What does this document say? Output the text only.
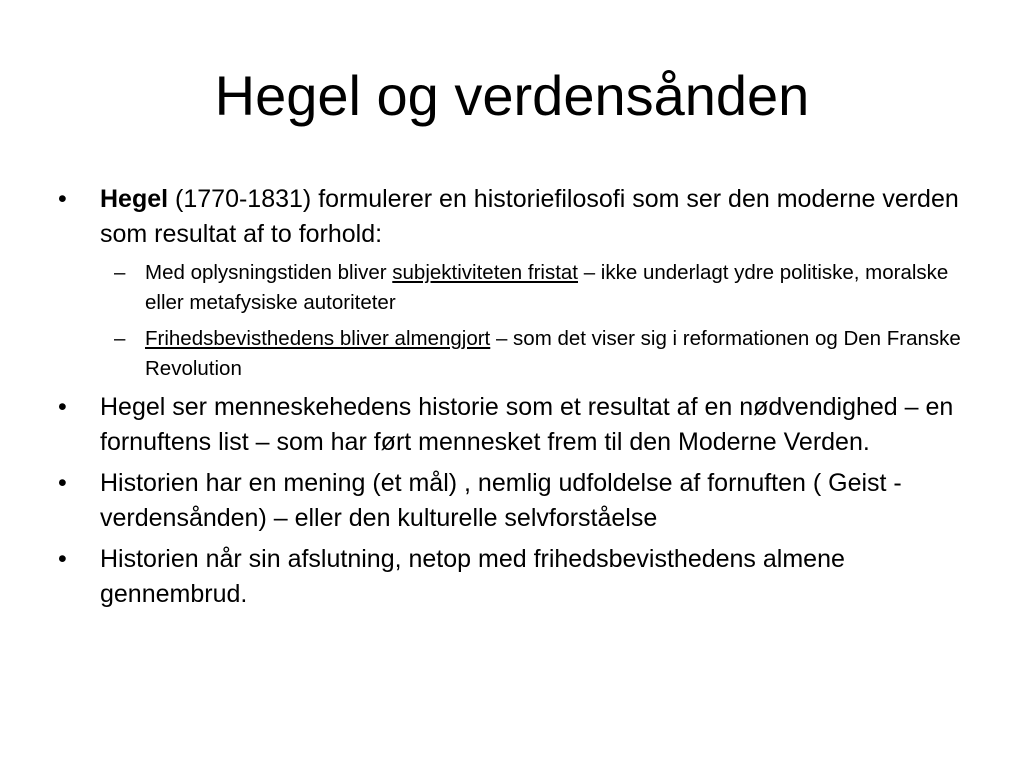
Hegel og verdensånden
• Hegel (1770-1831) formulerer en historiefilosofi som ser den moderne verden som resultat af to forhold:
– Med oplysningstiden bliver subjektiviteten fristat – ikke underlagt ydre politiske, moralske eller metafysiske autoriteter
– Frihedsbevisthedens bliver almengjort – som det viser sig i reformationen og Den Franske Revolution
• Hegel ser menneskehedens historie som et resultat af en nødvendighed – en fornuftens list – som har ført mennesket frem til den Moderne Verden.
• Historien har en mening (et mål) , nemlig udfoldelse af fornuften ( Geist - verdensånden) – eller den kulturelle selvforståelse
• Historien når sin afslutning, netop med frihedsbevisthedens almene gennembrud.
